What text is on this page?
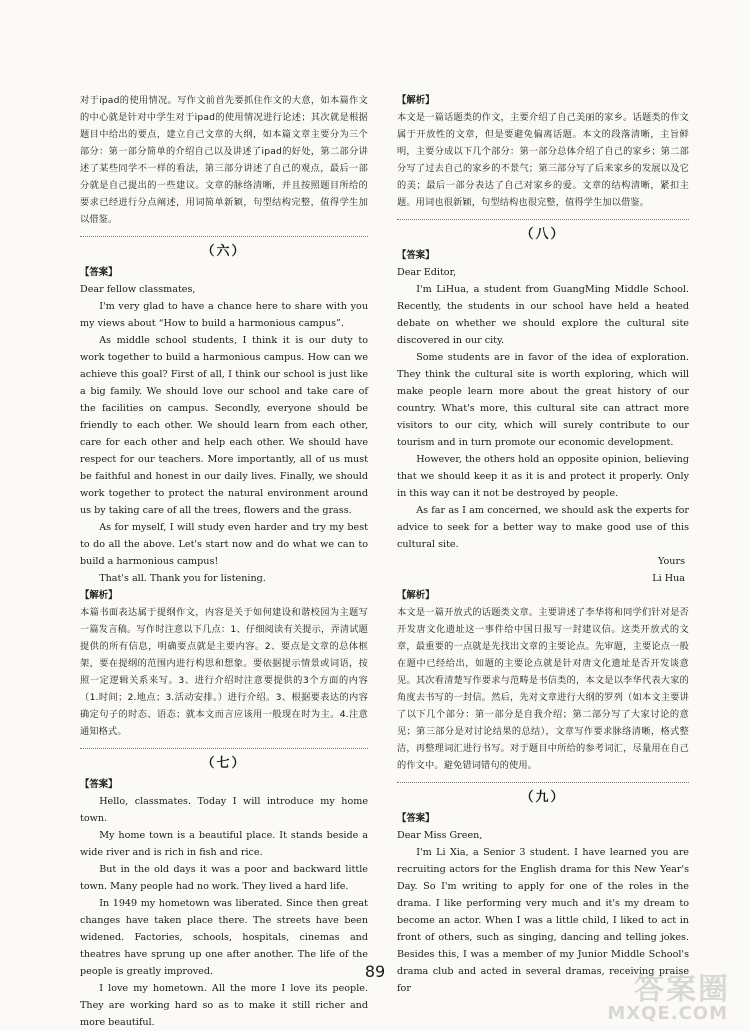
对于ipad的使用情况。写作文前首先要抓住作文的大意，如本篇作文的中心就是针对中学生对于ipad的使用情况进行论述；其次就是根据题目中给出的要点，建立自己文章的大纲，如本篇文章主要分为三个部分：第一部分简单的介绍自己以及讲述了ipad的好处，第二部分讲述了某些同学不一样的看法，第三部分讲述了自己的观点，最后一部分就是自己提出的一些建议。文章的脉络清晰，并且按照题目所给的要求已经进行分点阐述，用词简单新颖，句型结构完整，值得学生加以借鉴。

（六）

【答案】

Dear fellow classmates,

I'm very glad to have a chance here to share with you my views about “How to build a harmonious campus”.

As middle school students, I think it is our duty to work together to build a harmonious campus. How can we achieve this goal? First of all, I think our school is just like a big family. We should love our school and take care of the facilities on campus. Secondly, everyone should be friendly to each other. We should learn from each other, care for each other and help each other. We should have respect for our teachers. More importantly, all of us must be faithful and honest in our daily lives. Finally, we should work together to protect the natural environment around us by taking care of all the trees, flowers and the grass.

As for myself, I will study even harder and try my best to do all the above. Let's start now and do what we can to build a harmonious campus!

That's all. Thank you for listening.

【解析】

本篇书面表达属于提纲作文，内容是关于如何建设和谐校园为主题写一篇发言稿。写作时注意以下几点：1、仔细阅读有关提示，弄清试题提供的所有信息，明确要点就是主要内容。2、要点是文章的总体框架，要在提纲的范围内进行构思和想象。要依据提示情景或词语，按照一定逻辑关系来写。3、进行介绍时注意要提供的3个方面的内容（1.时间；2.地点；3.活动安排。）进行介绍。3、根据要表达的内容确定句子的时态、语态；就本文而言应该用一般现在时为主。4.注意通知格式。

（七）

【答案】

Hello, classmates. Today I will introduce my home town.

My home town is a beautiful place. It stands beside a wide river and is rich in fish and rice.

But in the old days it was a poor and backward little town. Many people had no work. They lived a hard life.

In 1949 my hometown was liberated. Since then great changes have taken place there. The streets have been widened. Factories, schools, hospitals, cinemas and theatres have sprung up one after another. The life of the people is greatly improved.

I love my hometown. All the more I love its people. They are working hard so as to make it still richer and more beautiful.

【解析】

本文是一篇话题类的作文，主要介绍了自己美丽的家乡。话题类的作文属于开放性的文章，但是要避免偏离话题。本文的段落清晰，主旨鲜明，主要分成以下几个部分：第一部分总体介绍了自己的家乡；第二部分写了过去自己的家乡的不景气；第三部分写了后来家乡的发展以及它的美；最后一部分表达了自己对家乡的爱。文章的结构清晰，紧扣主题。用词也很新颖，句型结构也很完整，值得学生加以借鉴。

（八）

【答案】

Dear Editor,

I'm LiHua, a student from GuangMing Middle School. Recently, the students in our school have held a heated debate on whether we should explore the cultural site discovered in our city.

Some students are in favor of the idea of exploration. They think the cultural site is worth exploring, which will make people learn more about the great history of our country. What's more, this cultural site can attract more visitors to our city, which will surely contribute to our tourism and in turn promote our economic development.

However, the others hold an opposite opinion, believing that we should keep it as it is and protect it properly. Only in this way can it not be destroyed by people.

As far as I am concerned, we should ask the experts for advice to seek for a better way to make good use of this cultural site.

Yours

Li Hua

【解析】

本文是一篇开放式的话题类文章。主要讲述了李华将和同学们针对是否开发唐文化遗址这一事件给中国日报写一封建议信。这类开放式的文章，最重要的一点就是先找出文章的主要论点。先审题，主要论点一般在题中已经给出，如题的主要论点就是针对唐文化遗址是否开发谈意见。其次看清楚写作要求与范畴是书信类的，本文是以李华代表大家的角度去书写的一封信。然后，先对文章进行大纲的罗列（如本文主要讲了以下几个部分：第一部分是自我介绍；第二部分写了大家讨论的意见；第三部分是对讨论结果的总结），文章写作要求脉络清晰，格式整洁，再整理词汇进行书写。对于题目中所给的参考词汇，尽量用在自己的作文中。避免错词错句的使用。

（九）

【答案】

Dear Miss Green,

I'm Li Xia, a Senior 3 student. I have learned you are recruiting actors for the English drama for this New Year's Day. So I'm writing to apply for one of the roles in the drama. I like performing very much and it's my dream to become an actor. When I was a little child, I liked to act in front of others, such as singing, dancing and telling jokes. Besides this, I was a member of my Junior Middle School's drama club and acted in several dramas, receiving praise for

89
答案圈
MXQE.COM
